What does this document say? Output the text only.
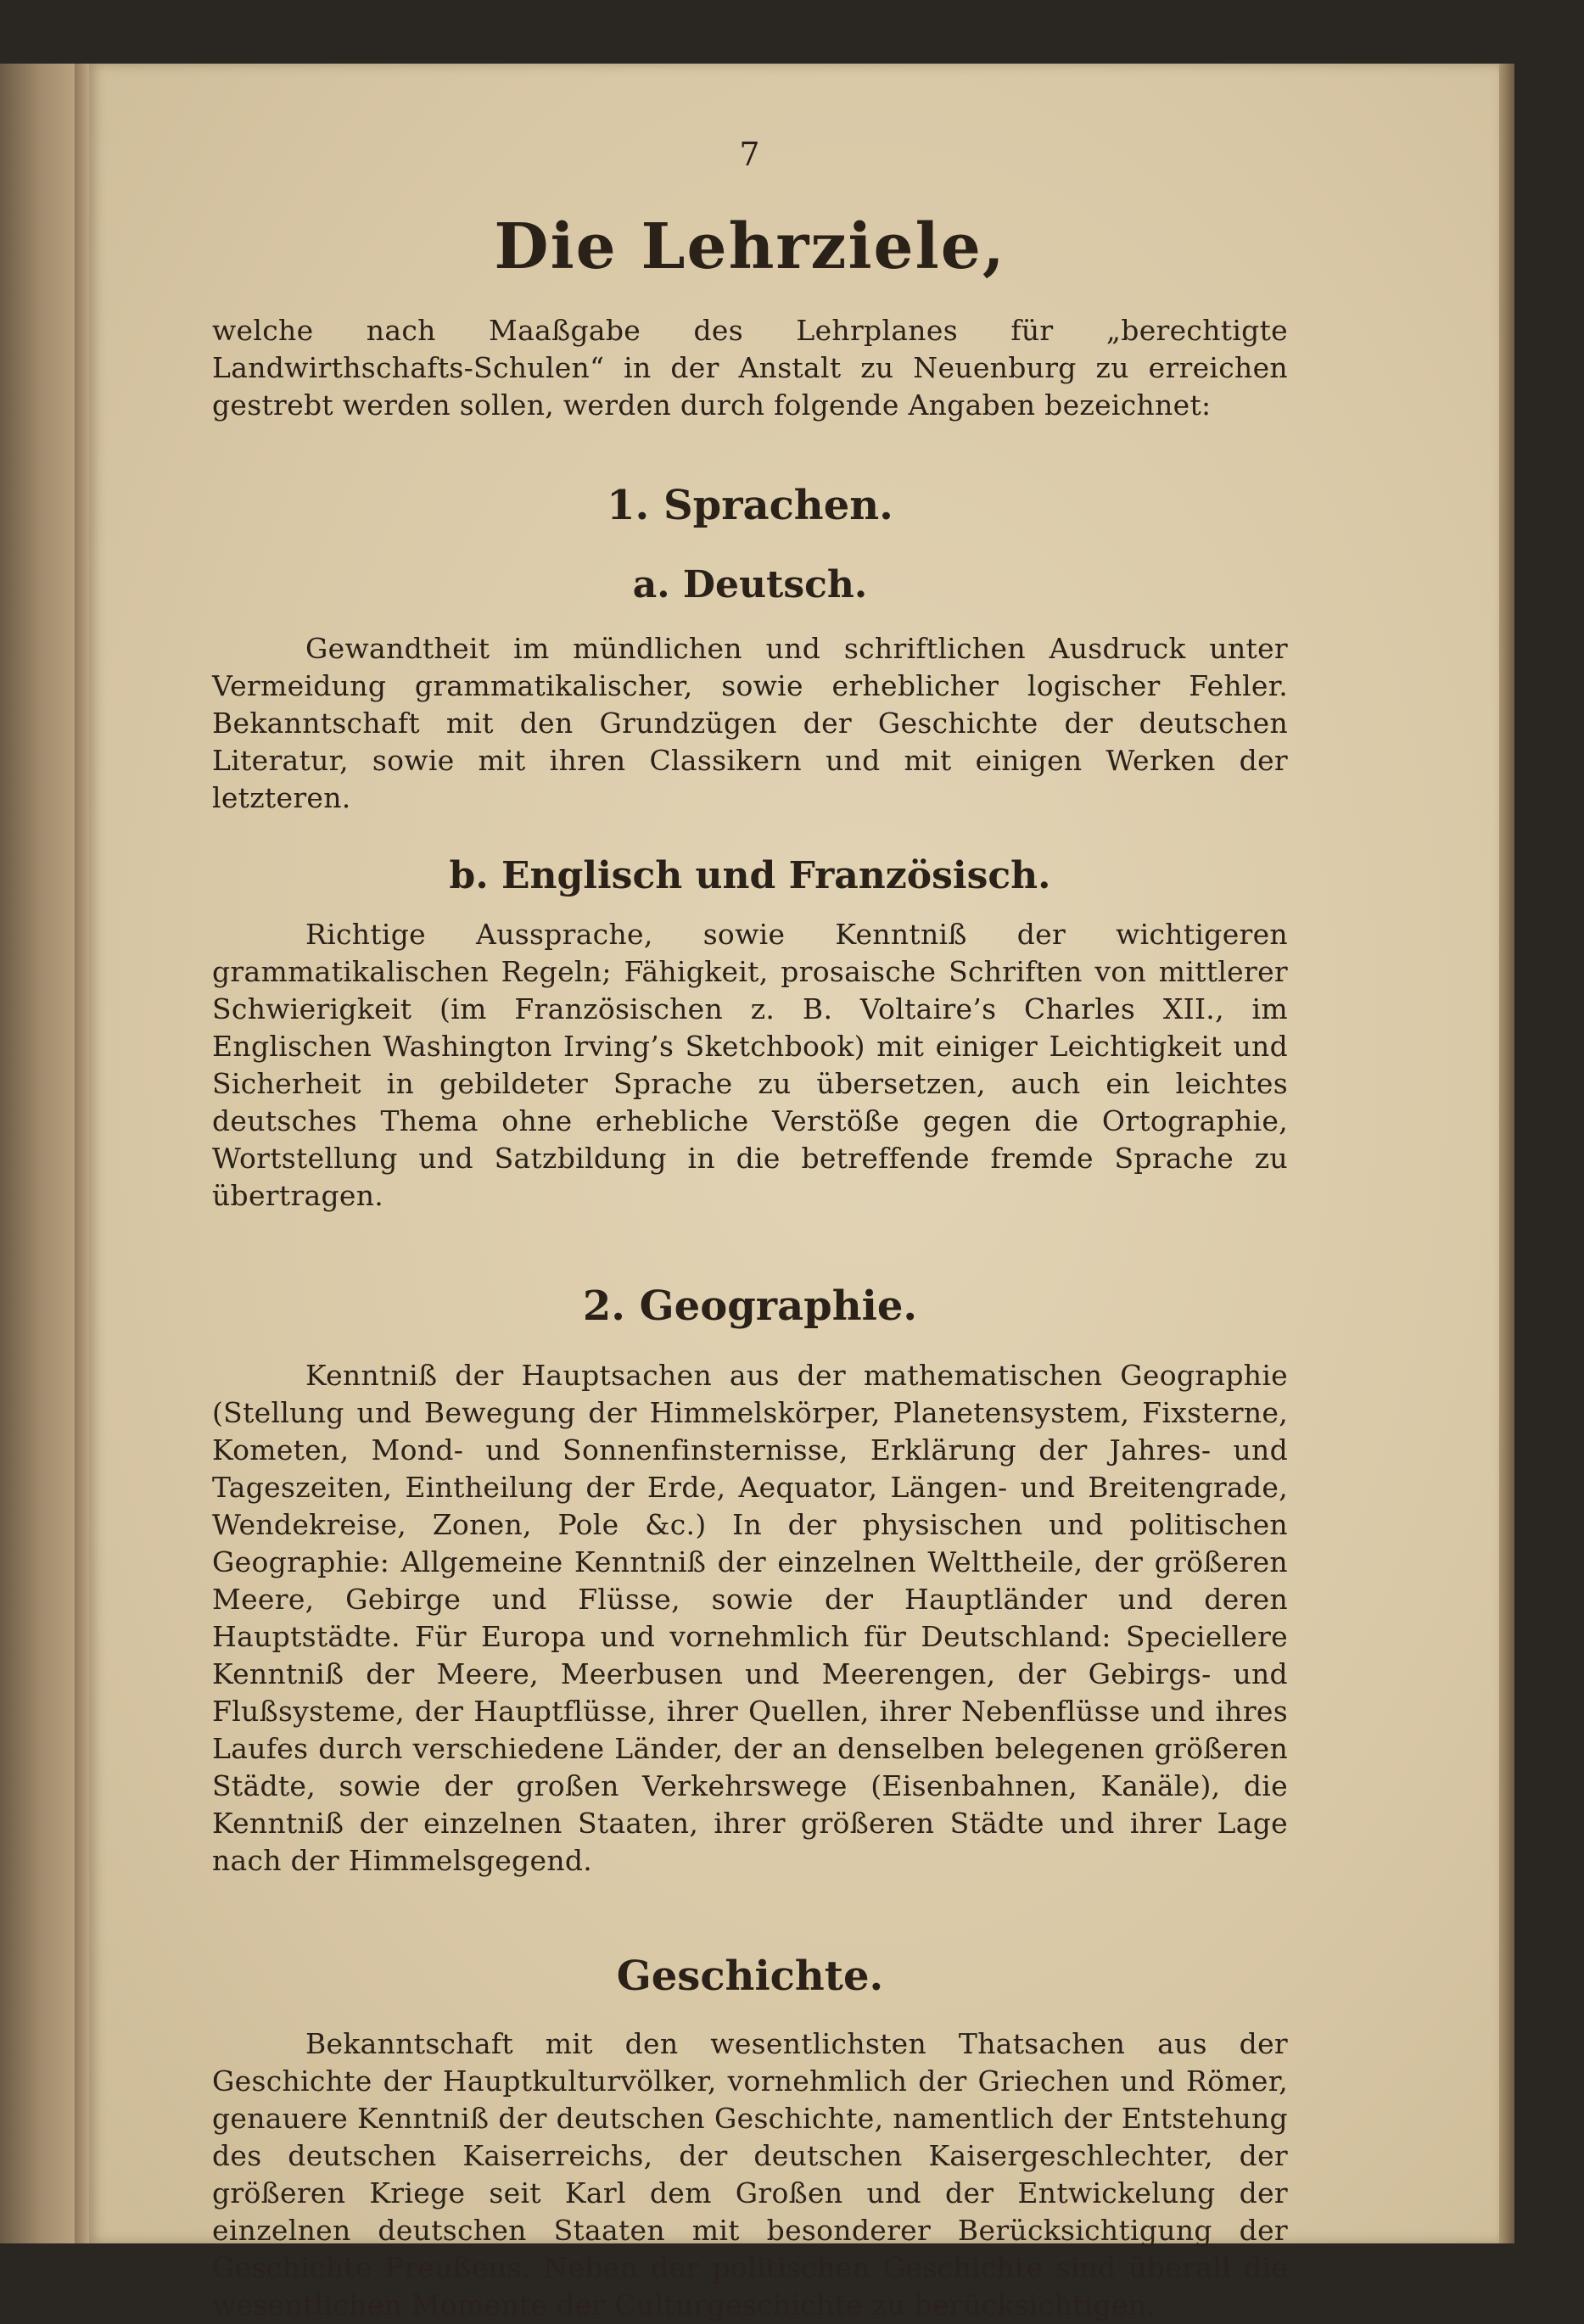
7
Die Lehrziele,

welche nach Maaßgabe des Lehrplanes für „berechtigte Landwirthschafts-Schulen“ in der Anstalt zu Neuenburg zu erreichen gestrebt werden sollen, werden durch folgende Angaben bezeichnet:

1. Sprachen.
a. Deutsch.

Gewandtheit im mündlichen und schriftlichen Ausdruck unter Vermeidung grammatikalischer, sowie erheblicher logischer Fehler. Bekanntschaft mit den Grundzügen der Geschichte der deutschen Literatur, sowie mit ihren Classikern und mit einigen Werken der letzteren.

b. Englisch und Französisch.

Richtige Aussprache, sowie Kenntniß der wichtigeren grammatikalischen Regeln; Fähigkeit, prosaische Schriften von mittlerer Schwierigkeit (im Französischen z. B. Voltaire’s Charles XII., im Englischen Washington Irving’s Sketchbook) mit einiger Leichtigkeit und Sicherheit in gebildeter Sprache zu übersetzen, auch ein leichtes deutsches Thema ohne erhebliche Verstöße gegen die Ortographie, Wortstellung und Satzbildung in die betreffende fremde Sprache zu übertragen.

2. Geographie.

Kenntniß der Hauptsachen aus der mathematischen Geographie (Stellung und Bewegung der Himmelskörper, Planetensystem, Fixsterne, Kometen, Mond- und Sonnenfinsternisse, Erklärung der Jahres- und Tageszeiten, Eintheilung der Erde, Aequator, Längen- und Breitengrade, Wendekreise, Zonen, Pole &c.) In der physischen und politischen Geographie: Allgemeine Kenntniß der einzelnen Welttheile, der größeren Meere, Gebirge und Flüsse, sowie der Hauptländer und deren Hauptstädte. Für Europa und vornehmlich für Deutschland: Speciellere Kenntniß der Meere, Meerbusen und Meerengen, der Gebirgs- und Flußsysteme, der Hauptflüsse, ihrer Quellen, ihrer Nebenflüsse und ihres Laufes durch verschiedene Länder, der an denselben belegenen größeren Städte, sowie der großen Verkehrswege (Eisenbahnen, Kanäle), die Kenntniß der einzelnen Staaten, ihrer größeren Städte und ihrer Lage nach der Himmelsgegend.

Geschichte.

Bekanntschaft mit den wesentlichsten Thatsachen aus der Geschichte der Hauptkulturvölker, vornehmlich der Griechen und Römer, genauere Kenntniß der deutschen Geschichte, namentlich der Entstehung des deutschen Kaiserreichs, der deutschen Kaisergeschlechter, der größeren Kriege seit Karl dem Großen und der Entwickelung der einzelnen deutschen Staaten mit besonderer Berücksichtigung der Geschichte Preußens. Neben der politischen Geschichte sind überall die wesentlichen Momente der Culturgeschichte zu berücksichtigen.
